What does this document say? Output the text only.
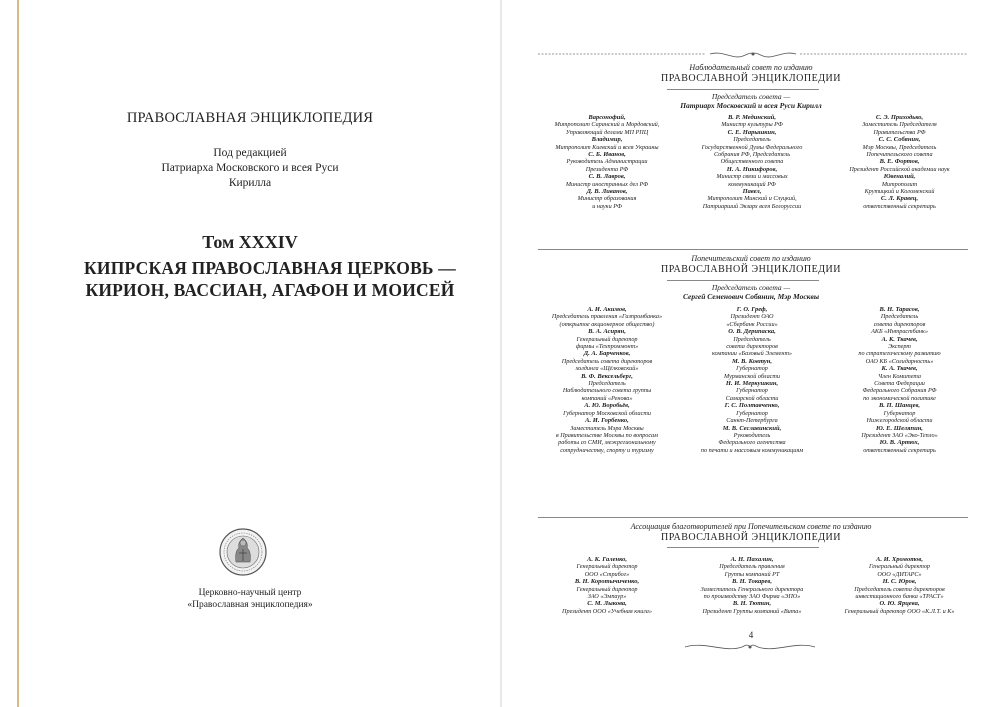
ПРАВОСЛАВНАЯ ЭНЦИКЛОПЕДИЯ
Под редакцией
Патриарха Московского и всея Руси
Кирилла
Том XXXIV
КИПРСКАЯ ПРАВОСЛАВНАЯ ЦЕРКОВЬ —
КИРИОН, ВАССИАН, АГАФОН И МОИСЕЙ
Церковно-научный центр
«Православная энциклопедия»
Наблюдательный совет по изданию
ПРАВОСЛАВНОЙ ЭНЦИКЛОПЕДИИ
Председатель совета —
Патриарх Московский и всея Руси Кирилл
Варсонофий,
Митрополит Саранский и Мордовский,
Управляющий делами МП РПЦ
Владимир,
Митрополит Киевский и всея Украины
С. Б. Иванов,
Руководитель Администрации
Президента РФ
С. В. Лавров,
Министр иностранных дел РФ
Д. В. Ливанов,
Министр образования
и науки РФ
В. Р. Мединский,
Министр культуры РФ
С. Е. Нарышкин,
Председатель
Государственной Думы Федерального
Собрания РФ, Председатель
Общественного совета
Н. А. Никифоров,
Министр связи и массовых
коммуникаций РФ
Павел,
Митрополит Минский и Слуцкий,
Патриарший Экзарх всея Белоруссии
С. Э. Приходько,
Заместитель Председателя
Правительства РФ
С. С. Собянин,
Мэр Москвы, Председатель
Попечительского совета
В. Е. Фортов,
Президент Российской академии наук
Ювеналий,
Митрополит
Крутицкий и Коломенский
С. Л. Кравец,
ответственный секретарь
Попечительский совет по изданию
ПРАВОСЛАВНОЙ ЭНЦИКЛОПЕДИИ
Председатель совета —
Сергей Семенович Собянин, Мэр Москвы
А. И. Акимов,
Председатель правления «Газпромбанка»
(открытое акционерное общество)
В. А. Асирян,
Генеральный директор
фирмы «Техпроммонт»
Д. А. Барченков,
Председатель совета директоров
холдинга «Щёлковский»
В. Ф. Вексельберг,
Председатель
Наблюдательного совета группы
компаний «Ренова»
А. Ю. Воробьёв,
Губернатор Московской области
А. И. Горбенко,
Заместитель Мэра Москвы
в Правительстве Москвы по вопросам
работы со СМИ, межрегиональному
сотрудничеству, спорту и туризму
Г. О. Греф,
Президент ОАО
«Сбербанк России»
О. В. Дерипаска,
Председатель
совета директоров
компании «Базовый Элемент»
М. В. Ковтун,
Губернатор
Мурманской области
Н. И. Меркушкин,
Губернатор
Самарской области
Г. С. Полтавченко,
Губернатор
Санкт-Петербурга
М. В. Сеславинский,
Руководитель
Федерального агентства
по печати и массовым коммуникациям
В. Н. Тарасов,
Председатель
совета директоров
АКБ «Интрастбанк»
А. К. Ткачев,
Эксперт
по стратегическому развитию
ОАО КБ «Солидарность»
К. А. Ткачев,
Член Комитета
Совета Федерации
Федерального Собрания РФ
по экономической политике
В. П. Шанцев,
Губернатор
Нижегородской области
Ю. Е. Шеляпин,
Президент ЗАО «Эко-Тепло»
Ю. В. Артюх,
ответственный секретарь
Ассоциация благотворителей при Попечительском совете по изданию
ПРАВОСЛАВНОЙ ЭНЦИКЛОПЕДИИ
А. К. Галенко,
Генеральный директор
ООО «Стрибог»
В. Н. Коротычиченко,
Генеральный директор
ЗАО «Эмпаур»
С. М. Лыкова,
Президент ООО «Учебная книга»
А. Н. Пахалин,
Председатель правления
Группы компаний РТ
В. Н. Токарев,
Заместитель Генерального директора
по производству ЗАО Фирма «ЭПО»
В. Н. Тютин,
Президент Группы компаний «Вита»
А. И. Хромотов,
Генеральный директор
ООО «ДИТАРС»
Н. С. Юров,
Председатель совета директоров
инвестиционного банка «ТРАСТ»
О. Ю. Ярцева,
Генеральный директор ООО «К.Л.Т. и К»
4
